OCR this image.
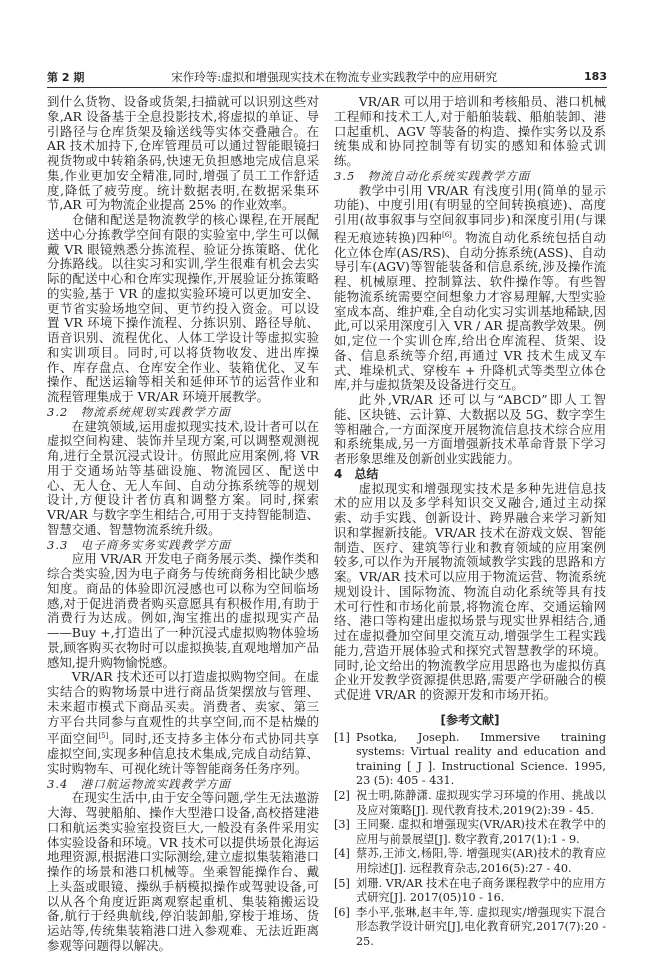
第 2 期	宋作玲等:虚拟和增强现实技术在物流专业实践教学中的应用研究	183

到什么货物、设备或货架,扫描就可以识别这些对象,AR 设备基于全息投影技术,将虚拟的单证、导引路径与仓库货架及输送线等实体交叠融合。在 AR 技术加持下,仓库管理员可以通过智能眼镜扫视货物或中转箱条码,快速无负担感地完成信息采集,作业更加安全精准,同时,增强了员工工作舒适度,降低了疲劳度。统计数据表明,在数据采集环节,AR 可为物流企业提高 25% 的作业效率。

仓储和配送是物流教学的核心课程,在开展配送中心分拣教学空间有限的实验室中,学生可以佩戴 VR 眼镜熟悉分拣流程、验证分拣策略、优化分拣路线。以往实习和实训,学生很难有机会去实际的配送中心和仓库实现操作,开展验证分拣策略的实验,基于 VR 的虚拟实验环境可以更加安全、更节省实验场地空间、更节约投入资金。可以设置 VR 环境下操作流程、分拣识别、路径导航、语音识别、流程优化、人体工学设计等虚拟实验和实训项目。同时,可以将货物收发、进出库操作、库存盘点、仓库安全作业、装箱优化、叉车操作、配送运输等相关和延伸环节的运营作业和流程管理集成于 VR/AR 环境开展教学。

3.2　物流系统规划实践教学方面

在建筑领域,运用虚拟现实技术,设计者可以在虚拟空间构建、装饰并呈现方案,可以调整观测视角,进行全景沉浸式设计。仿照此应用案例,将 VR 用于交通场站等基础设施、物流园区、配送中心、无人仓、无人车间、自动分拣系统等的规划设计,方便设计者仿真和调整方案。同时,探索 VR/AR 与数字孪生相结合,可用于支持智能制造、智慧交通、智慧物流系统升级。

3.3　电子商务实务实践教学方面

应用 VR/AR 开发电子商务展示类、操作类和综合类实验,因为电子商务与传统商务相比缺少感知度。商品的体验即沉浸感也可以称为空间临场感,对于促进消费者购买意愿具有积极作用,有助于消费行为达成。例如,淘宝推出的虚拟现实产品——Buy +,打造出了一种沉浸式虚拟购物体验场景,顾客购买衣物时可以虚拟换装,直观地增加产品感知,提升购物愉悦感。

VR/AR 技术还可以打造虚拟购物空间。在虚实结合的购物场景中进行商品货架摆放与管理、未来超市模式下商品买卖。消费者、卖家、第三方平台共同参与直观性的共享空间,而不是枯燥的平面空间[5]。同时,还支持多主体分布式协同共享虚拟空间,实现多种信息技术集成,完成自动结算、实时购物车、可视化统计等智能商务任务序列。

3.4　港口航运物流实践教学方面

在现实生活中,由于安全等问题,学生无法遨游大海、驾驶船舶、操作大型港口设备,高校搭建港口和航运类实验室投资巨大,一般没有条件采用实体实验设备和环境。VR 技术可以提供场景化海运地理资源,根据港口实际测绘,建立虚拟集装箱港口操作的场景和港口机械等。坐乘智能操作台、戴上头盔或眼镜、操纵手柄模拟操作或驾驶设备,可以从各个角度近距离观察起重机、集装箱搬运设备,航行于经典航线,停泊装卸船,穿梭于堆场、货运站等,传统集装箱港口进入参观难、无法近距离参观等问题得以解决。

VR/AR 可以用于培训和考核船员、港口机械工程师和技术工人,对于船舶装载、船舶装卸、港口起重机、AGV 等装备的构造、操作实务以及系统集成和协同控制等有切实的感知和体验式训练。

3.5　物流自动化系统实践教学方面

教学中引用 VR/AR 有浅度引用(简单的显示功能)、中度引用(有明显的空间转换痕迹)、高度引用(故事叙事与空间叙事同步)和深度引用(与课程无痕迹转换)四种[6]。物流自动化系统包括自动化立体仓库(AS/RS)、自动分拣系统(ASS)、自动导引车(AGV)等智能装备和信息系统,涉及操作流程、机械原理、控制算法、软件操作等。有些智能物流系统需要空间想象力才容易理解,大型实验室成本高、维护难,全自动化实习实训基地稀缺,因此,可以采用深度引入 VR / AR 提高教学效果。例如,定位一个实训仓库,给出仓库流程、货架、设备、信息系统等介绍,再通过 VR 技术生成叉车式、堆垛机式、穿梭车 + 升降机式等类型立体仓库,并与虚拟货架及设备进行交互。

此外,VR/AR 还可以与“ABCD”即人工智能、区块链、云计算、大数据以及 5G、数字孪生等相融合,一方面深度开展物流信息技术综合应用和系统集成,另一方面增强新技术革命背景下学习者形象思维及创新创业实践能力。

4　总结

虚拟现实和增强现实技术是多种先进信息技术的应用以及多学科知识交叉融合,通过主动探索、动手实践、创新设计、跨界融合来学习新知识和掌握新技能。VR/AR 技术在游戏文娱、智能制造、医疗、建筑等行业和教育领域的应用案例较多,可以作为开展物流领域教学实践的思路和方案。VR/AR 技术可以应用于物流运营、物流系统规划设计、国际物流、物流自动化系统等具有技术可行性和市场化前景,将物流仓库、交通运输网络、港口等构建出虚拟场景与现实世界相结合,通过在虚拟叠加空间里交流互动,增强学生工程实践能力,营造开展体验式和探究式智慧教学的环境。同时,论文给出的物流教学应用思路也为虚拟仿真企业开发教学资源提供思路,需要产学研融合的模式促进 VR/AR 的资源开发和市场开拓。

[参考文献]
[1] Psotka, Joseph. Immersive training systems: Virtual reality and education and training [ J ]. Instructional Science. 1995, 23 (5): 405 - 431.
[2] 祝士明,陈静潇. 虚拟现实学习环境的作用、挑战以及应对策略[J]. 现代教育技术,2019(2):39 - 45.
[3] 王同聚. 虚拟和增强现实(VR/AR)技术在教学中的应用与前景展望[J]. 数字教育,2017(1):1 - 9.
[4] 蔡苏,王沛文,杨阳,等. 增强现实(AR)技术的教育应用综述[J]. 远程教育杂志,2016(5):27 - 40.
[5] 刘珊. VR/AR 技术在电子商务课程教学中的应用方式研究[J]. 2017(05)10 - 16.
[6] 李小平,张琳,赵丰年,等. 虚拟现实/增强现实下混合形态教学设计研究[J],电化教育研究,2017(7):20 - 25.
